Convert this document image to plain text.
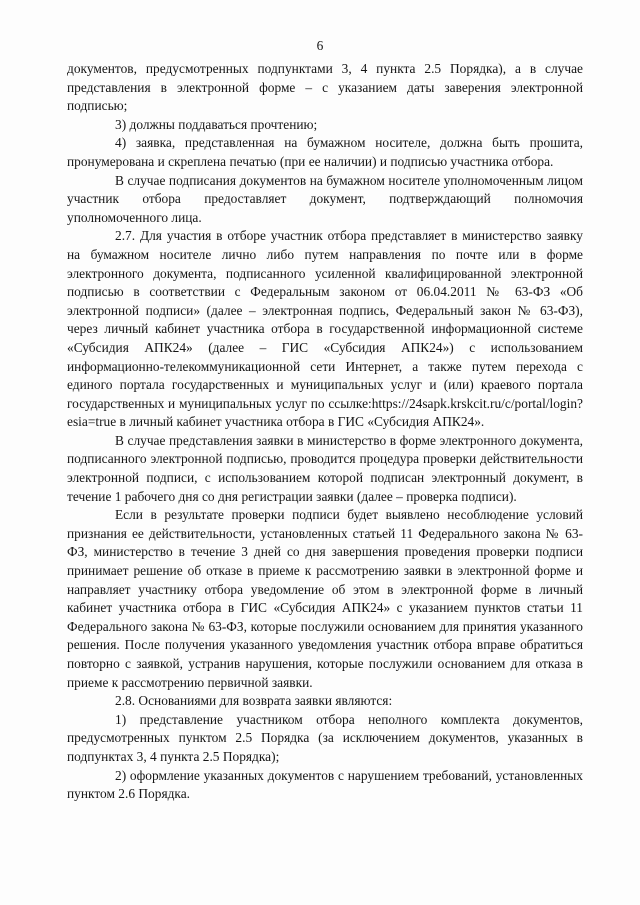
6

документов, предусмотренных подпунктами 3, 4 пункта 2.5 Порядка), а в случае представления в электронной форме – с указанием даты заверения электронной подписью;

3) должны поддаваться прочтению;

4) заявка, представленная на бумажном носителе, должна быть прошита, пронумерована и скреплена печатью (при ее наличии) и подписью участника отбора.

В случае подписания документов на бумажном носителе уполномоченным лицом участник отбора предоставляет документ, подтверждающий полномочия уполномоченного лица.

2.7. Для участия в отборе участник отбора представляет в министерство заявку на бумажном носителе лично либо путем направления по почте или в форме электронного документа, подписанного усиленной квалифицированной электронной подписью в соответствии с Федеральным законом от 06.04.2011 № 63-ФЗ «Об электронной подписи» (далее – электронная подпись, Федеральный закон № 63-ФЗ), через личный кабинет участника отбора в государственной информационной системе «Субсидия АПК24» (далее – ГИС «Субсидия АПК24») с использованием информационно-телекоммуникационной сети Интернет, а также путем перехода с единого портала государственных и муниципальных услуг и (или) краевого портала государственных и муниципальных услуг по ссылке:https://24sapk.krskcit.ru/c/portal/login?esia=true в личный кабинет участника отбора в ГИС «Субсидия АПК24».

В случае представления заявки в министерство в форме электронного документа, подписанного электронной подписью, проводится процедура проверки действительности электронной подписи, с использованием которой подписан электронный документ, в течение 1 рабочего дня со дня регистрации заявки (далее – проверка подписи).

Если в результате проверки подписи будет выявлено несоблюдение условий признания ее действительности, установленных статьей 11 Федерального закона № 63-ФЗ, министерство в течение 3 дней со дня завершения проведения проверки подписи принимает решение об отказе в приеме к рассмотрению заявки в электронной форме и направляет участнику отбора уведомление об этом в электронной форме в личный кабинет участника отбора в ГИС «Субсидия АПК24» с указанием пунктов статьи 11 Федерального закона № 63-ФЗ, которые послужили основанием для принятия указанного решения. После получения указанного уведомления участник отбора вправе обратиться повторно с заявкой, устранив нарушения, которые послужили основанием для отказа в приеме к рассмотрению первичной заявки.

2.8. Основаниями для возврата заявки являются:

1) представление участником отбора неполного комплекта документов, предусмотренных пунктом 2.5 Порядка (за исключением документов, указанных в подпунктах 3, 4 пункта 2.5 Порядка);

2) оформление указанных документов с нарушением требований, установленных пунктом 2.6 Порядка.
